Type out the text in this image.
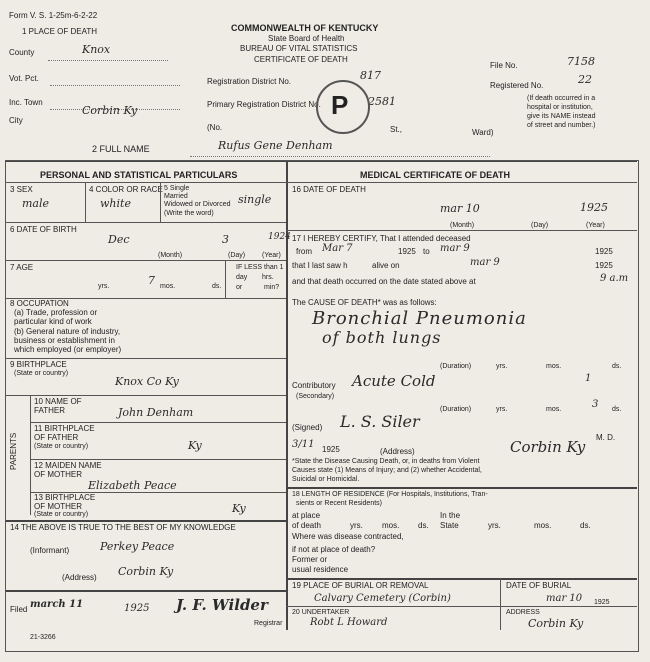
Form V. S. 1-25m-6-2-22
COMMONWEALTH OF KENTUCKY
State Board of Health
BUREAU OF VITAL STATISTICS
CERTIFICATE OF DEATH
1 PLACE OF DEATH
County	Knox
Vot. Pct.
Inc. Town
City
Corbin Ky
Registration District No.	817
Primary Registration District No.	2581
(No.	St.,	Ward)
P
File No.	7158
Registered No.	22
(If death occurred in a
hospital or institution,
give its NAME instead
of street and number.)
2 FULL NAME	Rufus Gene Denham
PERSONAL AND STATISTICAL PARTICULARS
3 SEX
male
4 COLOR OR RACE
white
5 Single
Married
Widowed or Divorced
(Write the word)
single
6 DATE OF BIRTH
Dec	3	1924
(Month)	(Day) (Year)
7 AGE
yrs.	7 mos.	ds.
IF LESS than 1
day hrs.
or	min?
8 OCCUPATION
(a) Trade, profession or
particular kind of work
(b) General nature of industry,
business or establishment in
which employed (or employer)
9 BIRTHPLACE
(State or country)
Knox Co Ky
PARENTS
10 NAME OF
FATHER	John Denham
11 BIRTHPLACE
OF FATHER
(State or country)	Ky
12 MAIDEN NAME
OF MOTHER
Elizabeth Peace
13 BIRTHPLACE
OF MOTHER
(State or country)	Ky
14 THE ABOVE IS TRUE TO THE BEST OF MY KNOWLEDGE
(Informant)	Perkey Peace
(Address) Corbin Ky
Filed march 11	1925 J. F. Wilder
Registrar
21-3266
MEDICAL CERTIFICATE OF DEATH
16 DATE OF DEATH
mar 10	1925
(Month)	(Day)	(Year)
17 I HEREBY CERTIFY, That I attended deceased
from Mar 7	1925 to mar 9	1925
that I last saw h	alive on	mar 9	1925
and that death occurred on the date stated above at	9 a.m
The CAUSE OF DEATH* was as follows:
Bronchial Pneumonia
of both lungs
(Duration)	yrs.	mos.	ds.
Contributory
(Secondary)
Acute Cold	1
(Duration)	yrs.	mos.	3 ds.
(Signed) L. S. Siler
M. D.
3/11 1925	(Address)	Corbin Ky
*State the Disease Causing Death, or, in deaths from Violent
Causes state (1) Means of Injury; and (2) whether Accidental,
Suicidal or Homicidal.
18 LENGTH OF RESIDENCE (For Hospitals, Institutions, Tran-
sients or Recent Residents)
at place
of death	yrs. mos. ds.
In the
State	yrs.	mos.	ds.
Where was disease contracted,
if not at place of death?
Former or
usual residence
19 PLACE OF BURIAL OR REMOVAL
Calvary Cemetery (Corbin)
DATE OF BURIAL
mar 10 1925
20 UNDERTAKER
Robt L Howard
ADDRESS
Corbin Ky
